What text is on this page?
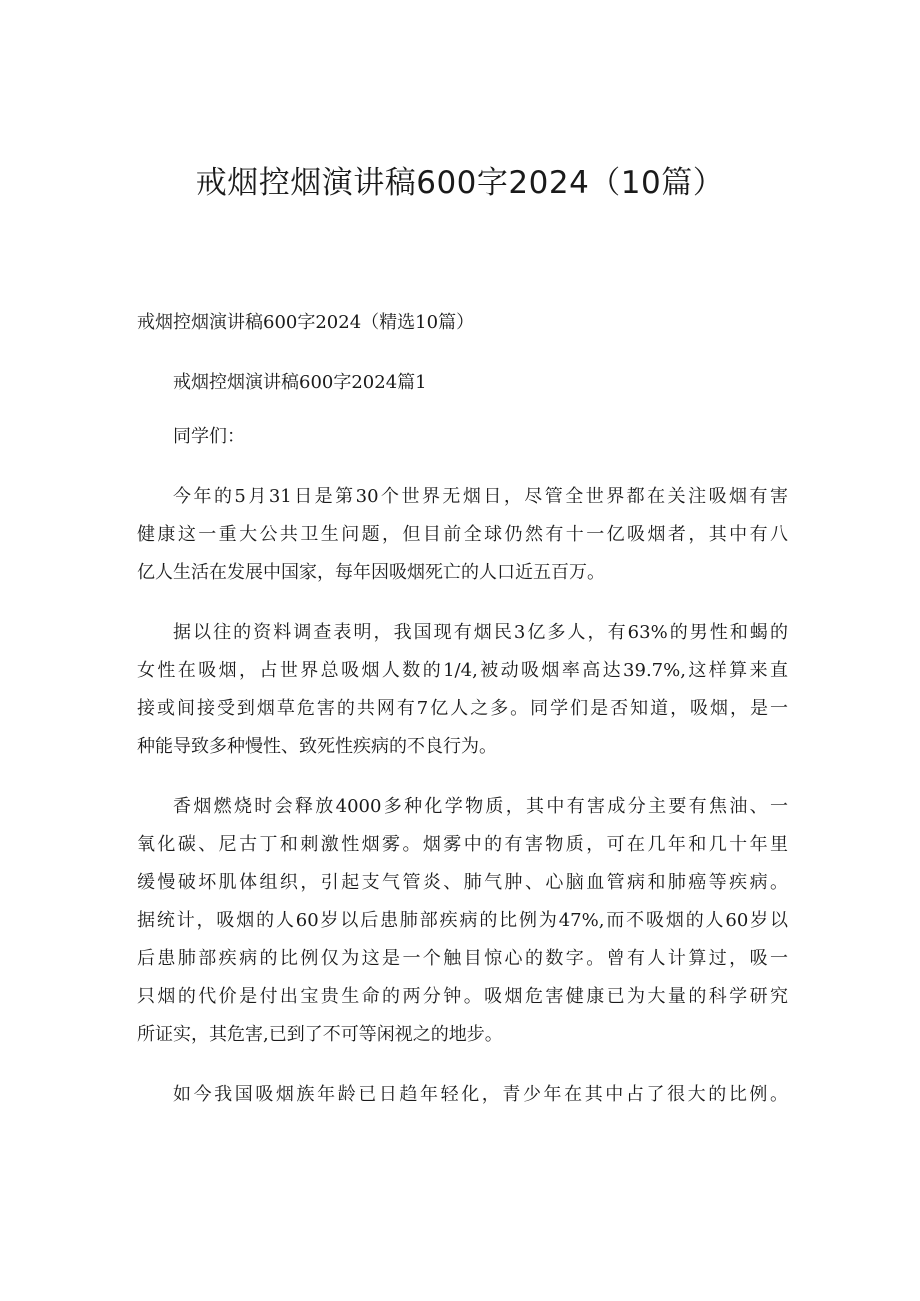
戒烟控烟演讲稿600字2024（10篇）

戒烟控烟演讲稿600字2024（精选10篇）

戒烟控烟演讲稿600字2024篇1

同学们：

今年的5月31日是第30个世界无烟日，尽管全世界都在关注吸烟有害
健康这一重大公共卫生问题，但目前全球仍然有十一亿吸烟者，其中有八
亿人生活在发展中国家，每年因吸烟死亡的人口近五百万。
据以往的资料调查表明，我国现有烟民3亿多人，有63%的男性和蝎的
女性在吸烟，占世界总吸烟人数的1/4,被动吸烟率高达39.7%,这样算来直
接或间接受到烟草危害的共网有7亿人之多。同学们是否知道，吸烟，是一
种能导致多种慢性、致死性疾病的不良行为。
香烟燃烧时会释放4000多种化学物质，其中有害成分主要有焦油、一
氧化碳、尼古丁和刺激性烟雾。烟雾中的有害物质，可在几年和几十年里
缓慢破坏肌体组织，引起支气管炎、肺气肿、心脑血管病和肺癌等疾病。
据统计，吸烟的人60岁以后患肺部疾病的比例为47%,而不吸烟的人60岁以
后患肺部疾病的比例仅为这是一个触目惊心的数字。曾有人计算过，吸一
只烟的代价是付出宝贵生命的两分钟。吸烟危害健康已为大量的科学研究
所证实，其危害,已到了不可等闲视之的地步。
如今我国吸烟族年龄已日趋年轻化，青少年在其中占了很大的比例。
